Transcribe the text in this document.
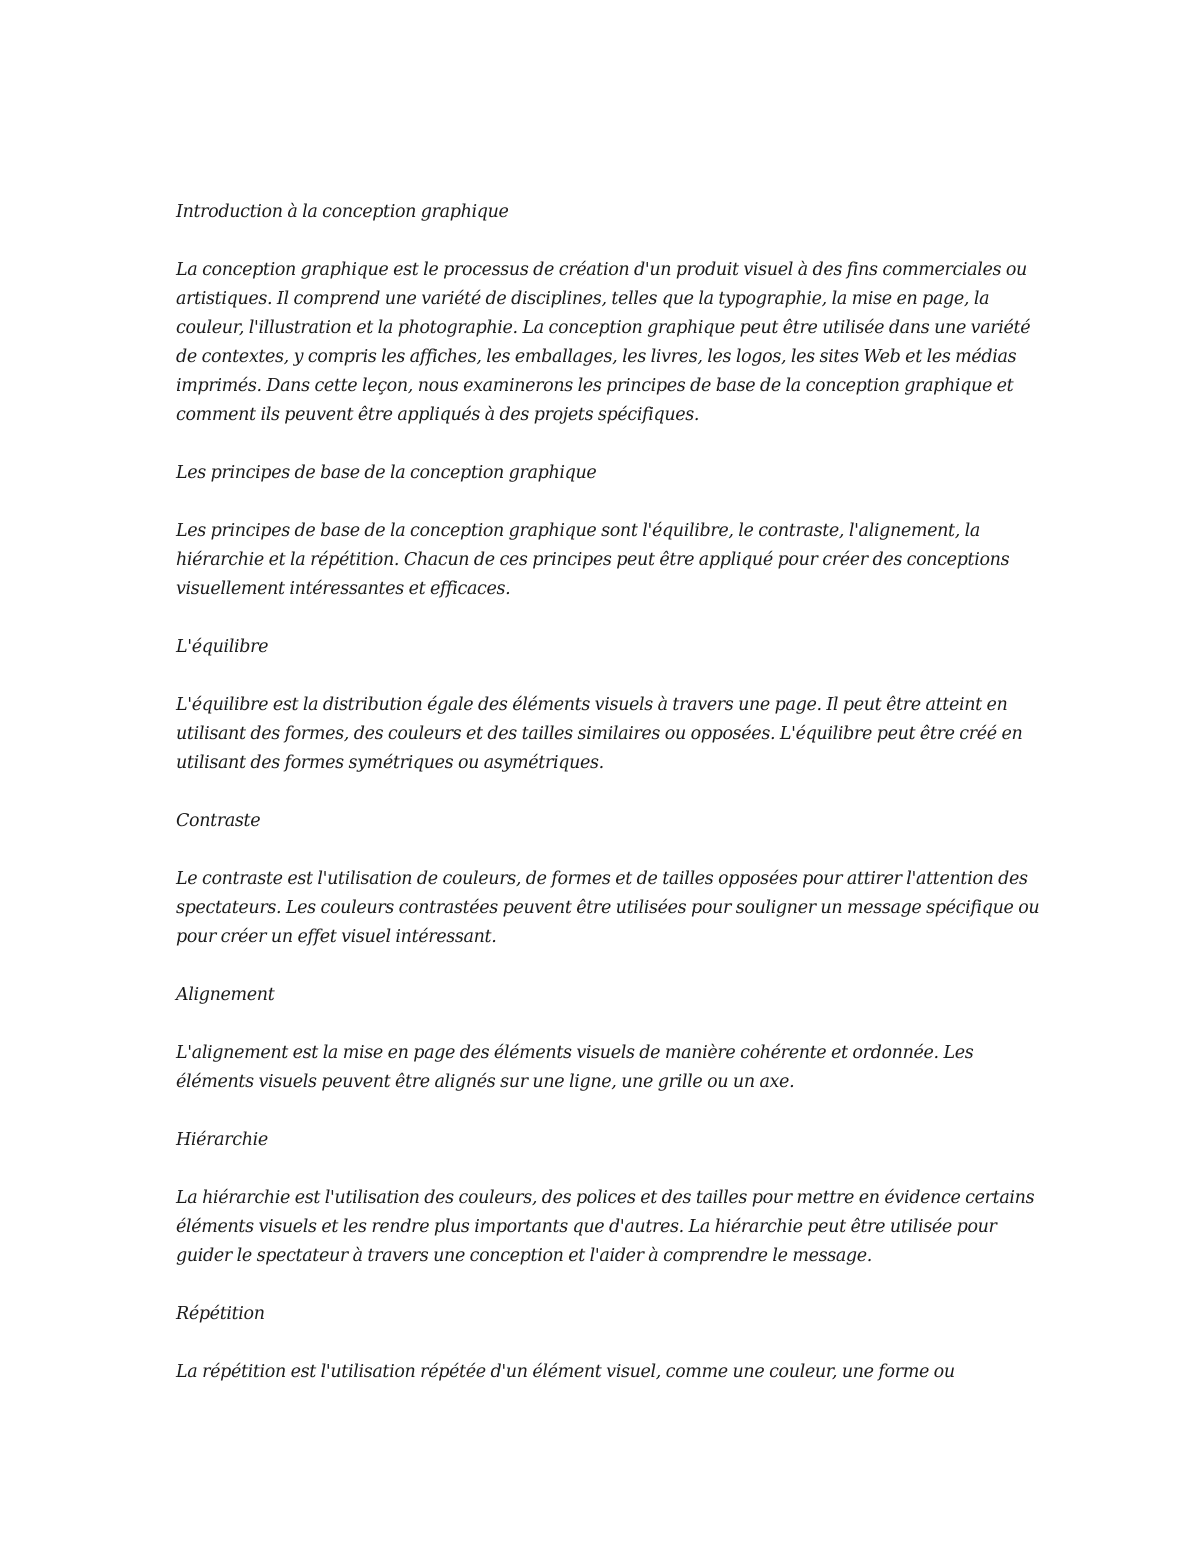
Introduction à la conception graphique

La conception graphique est le processus de création d'un produit visuel à des fins commerciales ou artistiques. Il comprend une variété de disciplines, telles que la typographie, la mise en page, la couleur, l'illustration et la photographie. La conception graphique peut être utilisée dans une variété de contextes, y compris les affiches, les emballages, les livres, les logos, les sites Web et les médias imprimés. Dans cette leçon, nous examinerons les principes de base de la conception graphique et comment ils peuvent être appliqués à des projets spécifiques.

Les principes de base de la conception graphique

Les principes de base de la conception graphique sont l'équilibre, le contraste, l'alignement, la hiérarchie et la répétition. Chacun de ces principes peut être appliqué pour créer des conceptions visuellement intéressantes et efficaces.

L'équilibre

L'équilibre est la distribution égale des éléments visuels à travers une page. Il peut être atteint en utilisant des formes, des couleurs et des tailles similaires ou opposées. L'équilibre peut être créé en utilisant des formes symétriques ou asymétriques.

Contraste

Le contraste est l'utilisation de couleurs, de formes et de tailles opposées pour attirer l'attention des spectateurs. Les couleurs contrastées peuvent être utilisées pour souligner un message spécifique ou pour créer un effet visuel intéressant.

Alignement

L'alignement est la mise en page des éléments visuels de manière cohérente et ordonnée. Les éléments visuels peuvent être alignés sur une ligne, une grille ou un axe.

Hiérarchie

La hiérarchie est l'utilisation des couleurs, des polices et des tailles pour mettre en évidence certains éléments visuels et les rendre plus importants que d'autres. La hiérarchie peut être utilisée pour guider le spectateur à travers une conception et l'aider à comprendre le message.

Répétition

La répétition est l'utilisation répétée d'un élément visuel, comme une couleur, une forme ou
